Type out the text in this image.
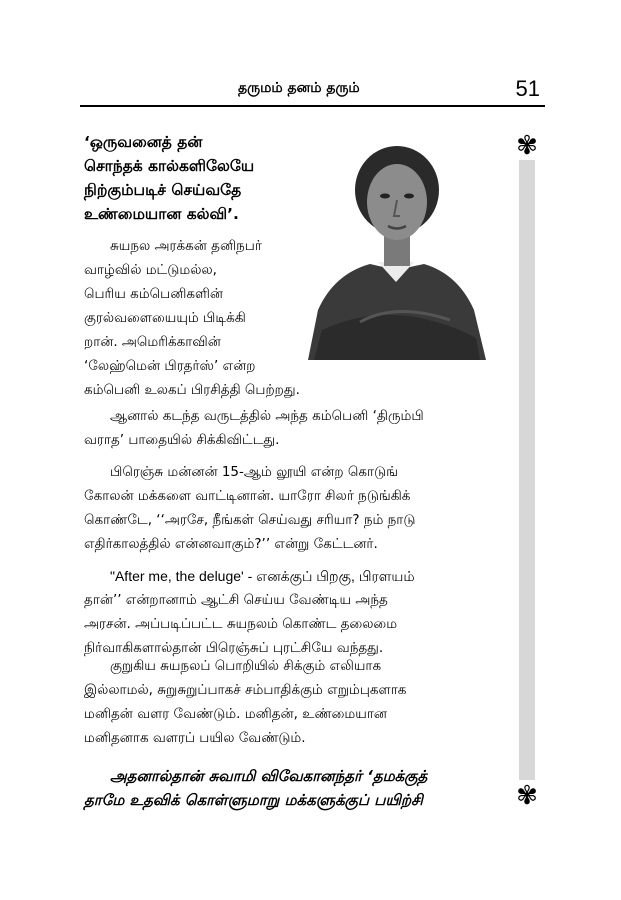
தருமம் தனம் தரும்	51
✾
✾
‘ஒருவனைத் தன்
சொந்தக் கால்களிலேயே
நிற்கும்படிச் செய்வதே
உண்மையான கல்வி’.
சுயநல அரக்கன் தனிநபர்
வாழ்வில் மட்டுமல்ல,
பெரிய கம்பெனிகளின்
குரல்வளையையும் பிடிக்கி
றான். அமெரிக்காவின்
‘லேஹ்மென் பிரதர்ஸ்’ என்ற
கம்பெனி உலகப் பிரசித்தி பெற்றது.
ஆனால் கடந்த வருடத்தில் அந்த கம்பெனி ‘திரும்பி
வராத’ பாதையில் சிக்கிவிட்டது.
பிரெஞ்சு மன்னன் 15-ஆம் லூயி என்ற கொடுங்
கோலன் மக்களை வாட்டினான். யாரோ சிலர் நடுங்கிக்
கொண்டே, ‘‘அரசே, நீங்கள் செய்வது சரியா? நம் நாடு
எதிர்காலத்தில் என்னவாகும்?’’ என்று கேட்டனர்.
"After me, the deluge' - எனக்குப் பிறகு, பிரளயம்
தான்’’ என்றானாம் ஆட்சி செய்ய வேண்டிய அந்த
அரசன். அப்படிப்பட்ட சுயநலம் கொண்ட தலைமை
நிர்வாகிகளால்தான் பிரெஞ்சுப் புரட்சியே வந்தது.
குறுகிய சுயநலப் பொறியில் சிக்கும் எலியாக
இல்லாமல், சுறுசுறுப்பாகச் சம்பாதிக்கும் எறும்புகளாக
மனிதன் வளர வேண்டும். மனிதன், உண்மையான
மனிதனாக வளரப் பயில வேண்டும்.
அதனால்தான் சுவாமி விவேகானந்தர் ‘தமக்குத்
தாமே உதவிக் கொள்ளுமாறு மக்களுக்குப் பயிற்சி
